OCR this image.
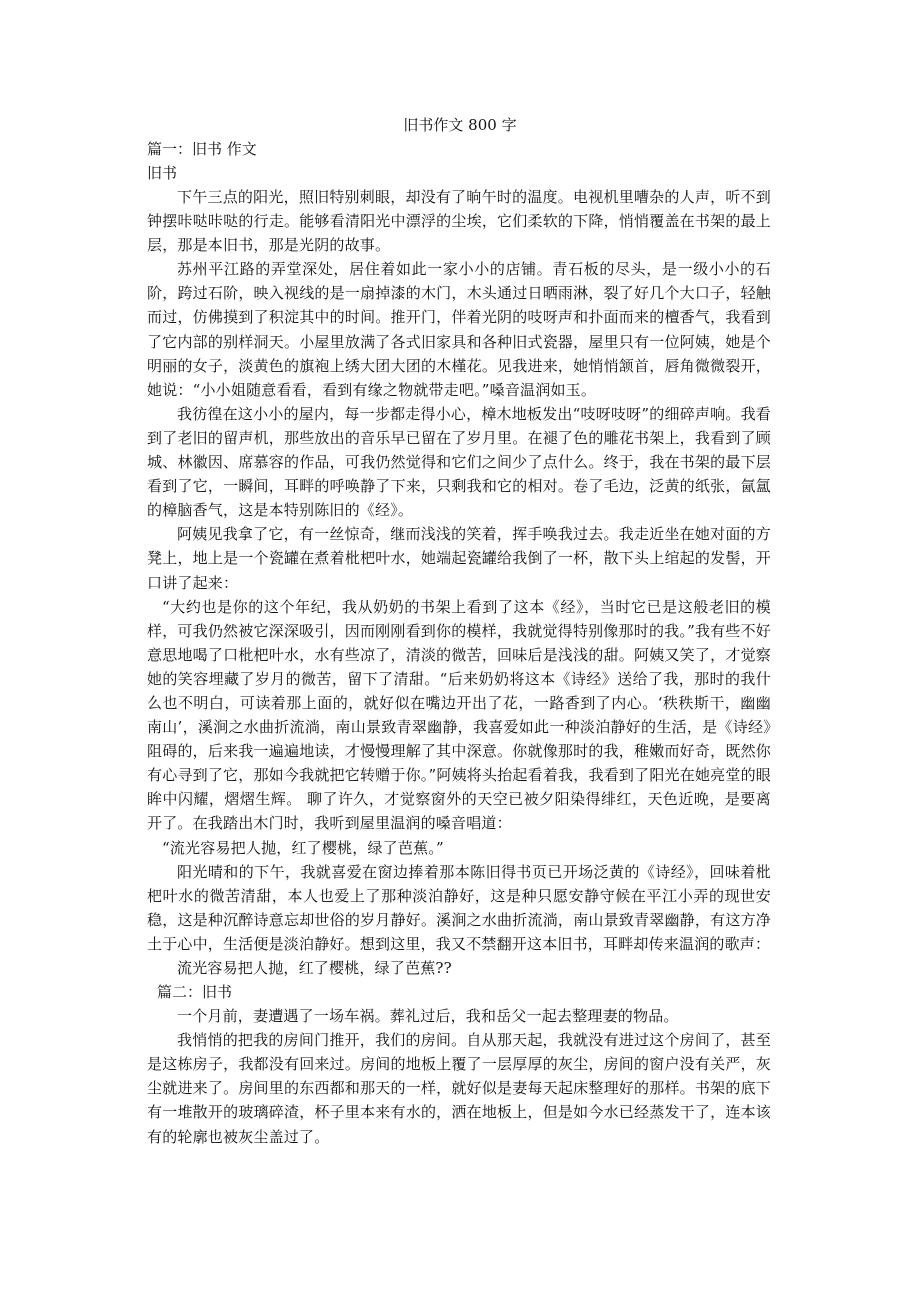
旧书作文 800 字

篇一：旧书 作文

旧书

下午三点的阳光，照旧特别刺眼，却没有了晌午时的温度。电视机里嘈杂的人声，听不到钟摆咔哒咔哒的行走。能够看清阳光中漂浮的尘埃，它们柔软的下降，悄悄覆盖在书架的最上层，那是本旧书，那是光阴的故事。

苏州平江路的弄堂深处，居住着如此一家小小的店铺。青石板的尽头，是一级小小的石阶，跨过石阶，映入视线的是一扇掉漆的木门，木头通过日晒雨淋，裂了好几个大口子，轻触而过，仿佛摸到了积淀其中的时间。推开门，伴着光阴的吱呀声和扑面而来的檀香气，我看到了它内部的别样洞天。小屋里放满了各式旧家具和各种旧式瓷器，屋里只有一位阿姨，她是个明丽的女子，淡黄色的旗袍上绣大团大团的木槿花。见我进来，她悄悄颔首，唇角微微裂开，她说：“小小姐随意看看，看到有缘之物就带走吧。”嗓音温润如玉。

我彷徨在这小小的屋内，每一步都走得小心，樟木地板发出“吱呀吱呀”的细碎声响。我看到了老旧的留声机，那些放出的音乐早已留在了岁月里。在褪了色的雕花书架上，我看到了顾城、林徽因、席慕容的作品，可我仍然觉得和它们之间少了点什么。终于，我在书架的最下层看到了它，一瞬间，耳畔的呼唤静了下来，只剩我和它的相对。卷了毛边，泛黄的纸张，氤氲的樟脑香气，这是本特别陈旧的《经》。

阿姨见我拿了它，有一丝惊奇，继而浅浅的笑着，挥手唤我过去。我走近坐在她对面的方凳上，地上是一个瓷罐在煮着枇杷叶水，她端起瓷罐给我倒了一杯，散下头上绾起的发髻，开口讲了起来：

“大约也是你的这个年纪，我从奶奶的书架上看到了这本《经》，当时它已是这般老旧的模样，可我仍然被它深深吸引，因而刚刚看到你的模样，我就觉得特别像那时的我。”我有些不好意思地喝了口枇杷叶水，水有些凉了，清淡的微苦，回味后是浅浅的甜。阿姨又笑了，才觉察她的笑容埋藏了岁月的微苦，留下了清甜。“后来奶奶将这本《诗经》送给了我，那时的我什么也不明白，可读着那上面的，就好似在嘴边开出了花，一路香到了内心。‘秩秩斯干，幽幽南山’，溪涧之水曲折流淌，南山景致青翠幽静，我喜爱如此一种淡泊静好的生活，是《诗经》阻碍的，后来我一遍遍地读，才慢慢理解了其中深意。你就像那时的我，稚嫩而好奇，既然你有心寻到了它，那如今我就把它转赠于你。”阿姨将头抬起看着我，我看到了阳光在她亮堂的眼眸中闪耀，熠熠生辉。 聊了许久，才觉察窗外的天空已被夕阳染得绯红，天色近晚，是要离开了。在我踏出木门时，我听到屋里温润的嗓音唱道：

“流光容易把人抛，红了樱桃，绿了芭蕉。”

阳光晴和的下午，我就喜爱在窗边捧着那本陈旧得书页已开场泛黄的《诗经》，回味着枇杷叶水的微苦清甜，本人也爱上了那种淡泊静好，这是种只愿安静守候在平江小弄的现世安稳，这是种沉醉诗意忘却世俗的岁月静好。溪涧之水曲折流淌，南山景致青翠幽静，有这方净土于心中，生活便是淡泊静好。想到这里，我又不禁翻开这本旧书，耳畔却传来温润的歌声：

流光容易把人抛，红了樱桃，绿了芭蕉??

篇二：旧书

一个月前，妻遭遇了一场车祸。葬礼过后，我和岳父一起去整理妻的物品。

我悄悄的把我的房间门推开，我们的房间。自从那天起，我就没有进过这个房间了，甚至是这栋房子，我都没有回来过。房间的地板上覆了一层厚厚的灰尘，房间的窗户没有关严，灰尘就进来了。房间里的东西都和那天的一样，就好似是妻每天起床整理好的那样。书架的底下有一堆散开的玻璃碎渣，杯子里本来有水的，洒在地板上，但是如今水已经蒸发干了，连本该有的轮廓也被灰尘盖过了。
